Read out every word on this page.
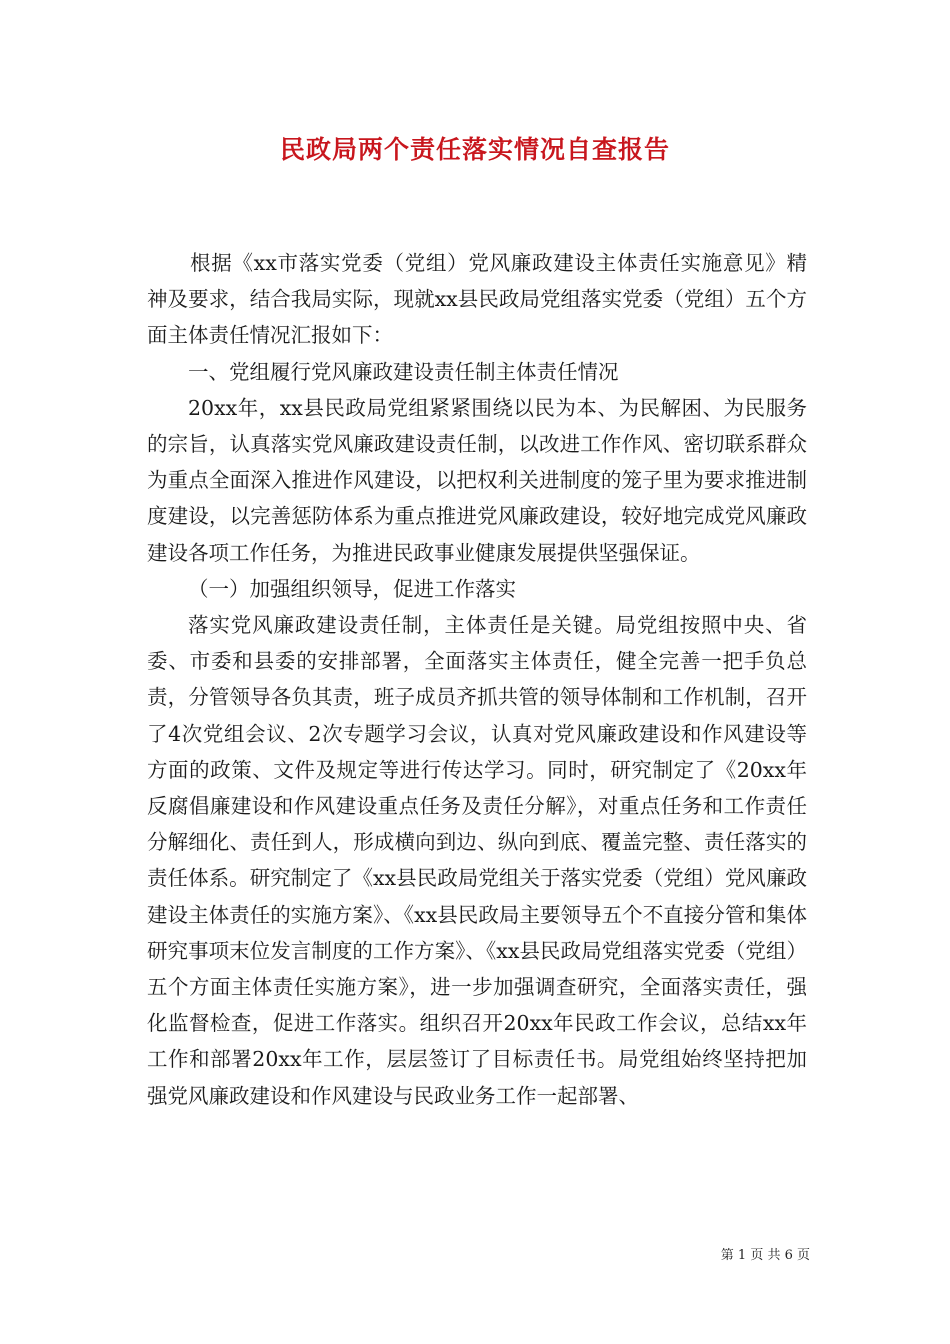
民政局两个责任落实情况自查报告

根据《xx市落实党委（党组）党风廉政建设主体责任实施意见》精神及要求，结合我局实际，现就xx县民政局党组落实党委（党组）五个方面主体责任情况汇报如下：

一、党组履行党风廉政建设责任制主体责任情况

20xx年，xx县民政局党组紧紧围绕以民为本、为民解困、为民服务的宗旨，认真落实党风廉政建设责任制，以改进工作作风、密切联系群众为重点全面深入推进作风建设，以把权利关进制度的笼子里为要求推进制度建设，以完善惩防体系为重点推进党风廉政建设，较好地完成党风廉政建设各项工作任务，为推进民政事业健康发展提供坚强保证。

（一）加强组织领导，促进工作落实

落实党风廉政建设责任制，主体责任是关键。局党组按照中央、省委、市委和县委的安排部署，全面落实主体责任，健全完善一把手负总责，分管领导各负其责，班子成员齐抓共管的领导体制和工作机制，召开了4次党组会议、2次专题学习会议，认真对党风廉政建设和作风建设等方面的政策、文件及规定等进行传达学习。同时，研究制定了《20xx年反腐倡廉建设和作风建设重点任务及责任分解》，对重点任务和工作责任分解细化、责任到人，形成横向到边、纵向到底、覆盖完整、责任落实的责任体系。研究制定了《xx县民政局党组关于落实党委（党组）党风廉政建设主体责任的实施方案》、《xx县民政局主要领导五个不直接分管和集体研究事项末位发言制度的工作方案》、《xx县民政局党组落实党委（党组）五个方面主体责任实施方案》，进一步加强调查研究，全面落实责任，强化监督检查，促进工作落实。组织召开20xx年民政工作会议，总结xx年工作和部署20xx年工作，层层签订了目标责任书。局党组始终坚持把加强党风廉政建设和作风建设与民政业务工作一起部署、

第 1 页 共 6 页
